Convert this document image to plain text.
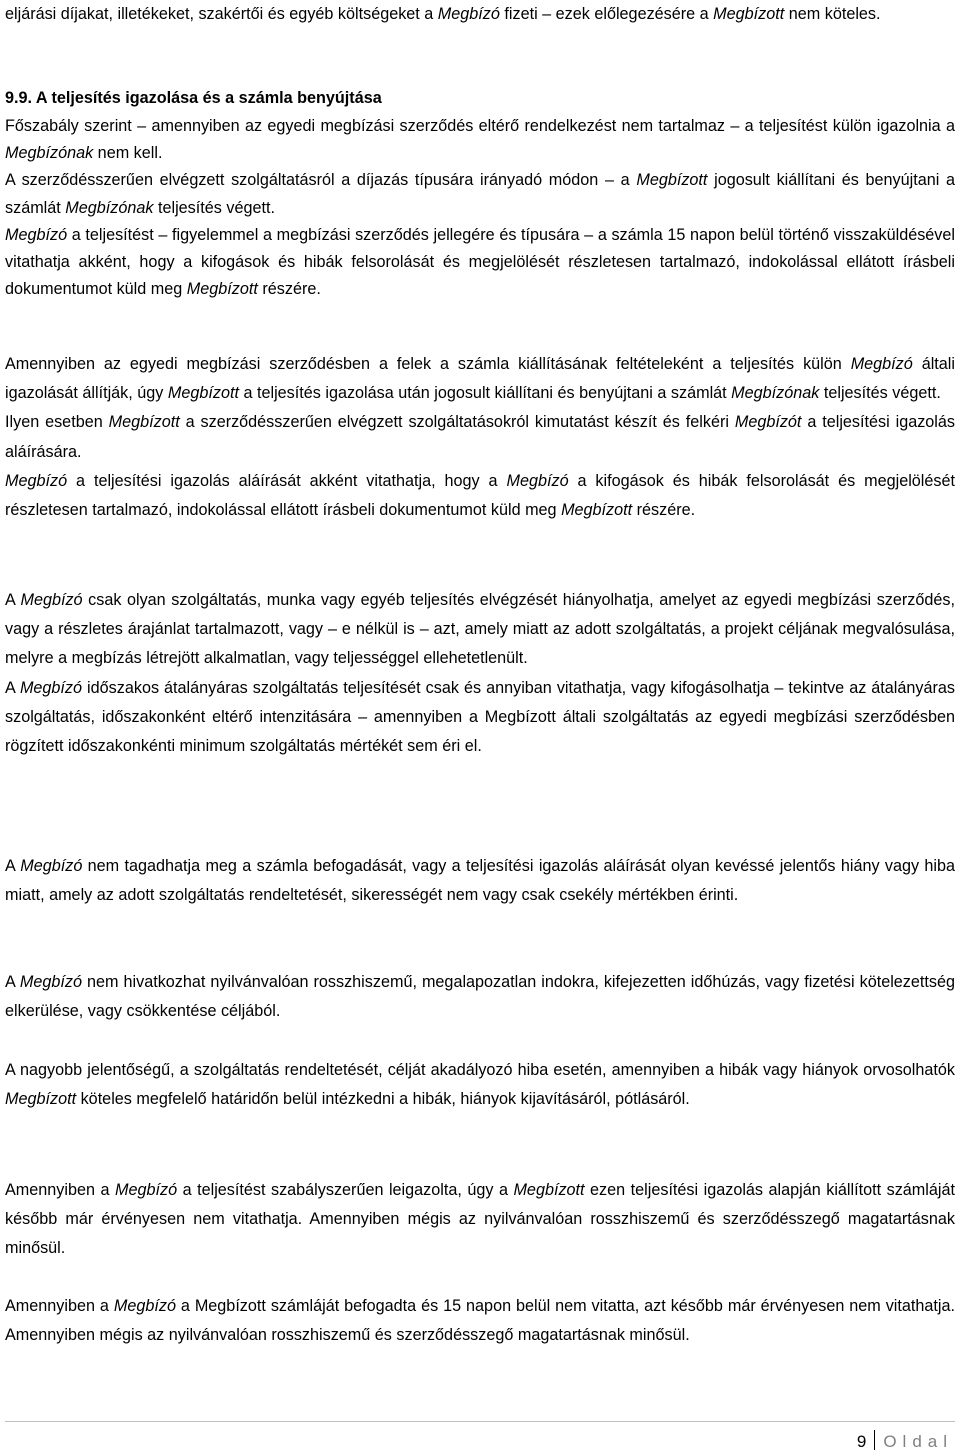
eljárási díjakat, illetékeket, szakértői és egyéb költségeket a Megbízó fizeti – ezek előlegezésére a Megbízott nem köteles.

9.9. A teljesítés igazolása és a számla benyújtása

Főszabály szerint – amennyiben az egyedi megbízási szerződés eltérő rendelkezést nem tartalmaz – a teljesítést külön igazolnia a Megbízónak nem kell.

A szerződésszerűen elvégzett szolgáltatásról a díjazás típusára irányadó módon – a Megbízott jogosult kiállítani és benyújtani a számlát Megbízónak teljesítés végett.

Megbízó a teljesítést – figyelemmel a megbízási szerződés jellegére és típusára – a számla 15 napon belül történő visszaküldésével vitathatja akként, hogy a kifogások és hibák felsorolását és megjelölését részletesen tartalmazó, indokolással ellátott írásbeli dokumentumot küld meg Megbízott részére.

Amennyiben az egyedi megbízási szerződésben a felek a számla kiállításának feltételeként a teljesítés külön Megbízó általi igazolását állítják, úgy Megbízott a teljesítés igazolása után jogosult kiállítani és benyújtani a számlát Megbízónak teljesítés végett.

Ilyen esetben Megbízott a szerződésszerűen elvégzett szolgáltatásokról kimutatást készít és felkéri Megbízót a teljesítési igazolás aláírására.

Megbízó a teljesítési igazolás aláírását akként vitathatja, hogy a Megbízó a kifogások és hibák felsorolását és megjelölését részletesen tartalmazó, indokolással ellátott írásbeli dokumentumot küld meg Megbízott részére.

A Megbízó csak olyan szolgáltatás, munka vagy egyéb teljesítés elvégzését hiányolhatja, amelyet az egyedi megbízási szerződés, vagy a részletes árajánlat tartalmazott, vagy – e nélkül is – azt, amely miatt az adott szolgáltatás, a projekt céljának megvalósulása, melyre a megbízás létrejött alkalmatlan, vagy teljességgel ellehetetlenült.

A Megbízó időszakos átalányáras szolgáltatás teljesítését csak és annyiban vitathatja, vagy kifogásolhatja – tekintve az átalányáras szolgáltatás, időszakonként eltérő intenzitására – amennyiben a Megbízott általi szolgáltatás az egyedi megbízási szerződésben rögzített időszakonkénti minimum szolgáltatás mértékét sem éri el.

A Megbízó nem tagadhatja meg a számla befogadását, vagy a teljesítési igazolás aláírását olyan kevéssé jelentős hiány vagy hiba miatt, amely az adott szolgáltatás rendeltetését, sikerességét nem vagy csak csekély mértékben érinti.

A Megbízó nem hivatkozhat nyilvánvalóan rosszhiszemű, megalapozatlan indokra, kifejezetten időhúzás, vagy fizetési kötelezettség elkerülése, vagy csökkentése céljából.

A nagyobb jelentőségű, a szolgáltatás rendeltetését, célját akadályozó hiba esetén, amennyiben a hibák vagy hiányok orvosolhatók Megbízott köteles megfelelő határidőn belül intézkedni a hibák, hiányok kijavításáról, pótlásáról.

Amennyiben a Megbízó a teljesítést szabályszerűen leigazolta, úgy a Megbízott ezen teljesítési igazolás alapján kiállított számláját később már érvényesen nem vitathatja. Amennyiben mégis az nyilvánvalóan rosszhiszemű és szerződésszegő magatartásnak minősül.

Amennyiben a Megbízó a Megbízott számláját befogadta és 15 napon belül nem vitatta, azt később már érvényesen nem vitathatja. Amennyiben mégis az nyilvánvalóan rosszhiszemű és szerződésszegő magatartásnak minősül.

9 Oldal
